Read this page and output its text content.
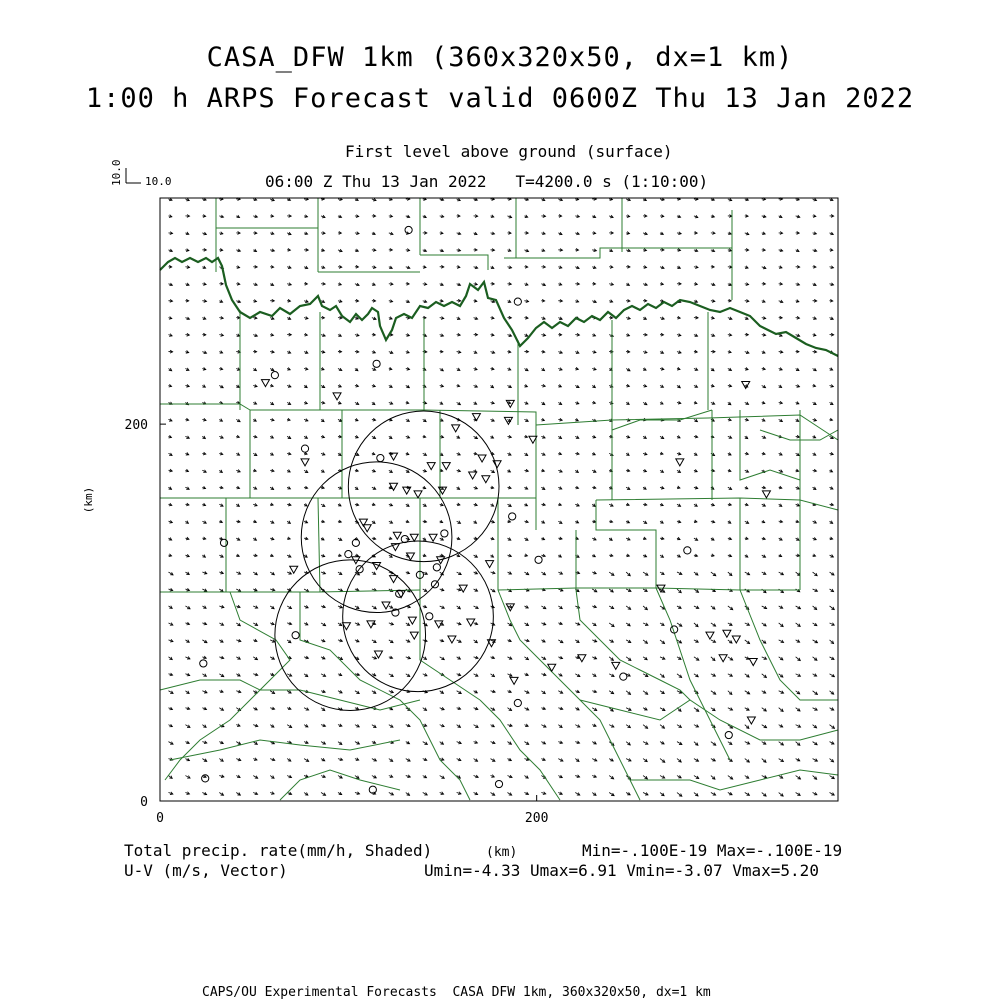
CASA_DFW 1km (360x320x50, dx=1 km)
1:00 h ARPS Forecast valid 0600Z Thu 13 Jan 2022
First level above ground (surface)
06:00 Z Thu 13 Jan 2022   T=4200.0 s (1:10:00)
Total precip. rate(mm/h, Shaded)	(km)	Min=-.100E-19 Max=-.100E-19
U-V (m/s, Vector)	Umin=-4.33 Umax=6.91 Vmin=-3.07 Vmax=5.20
CAPS/OU Experimental Forecasts  CASA DFW 1km, 360x320x50, dx=1 km
0	200
0
200
(km)
10.0 10.0
